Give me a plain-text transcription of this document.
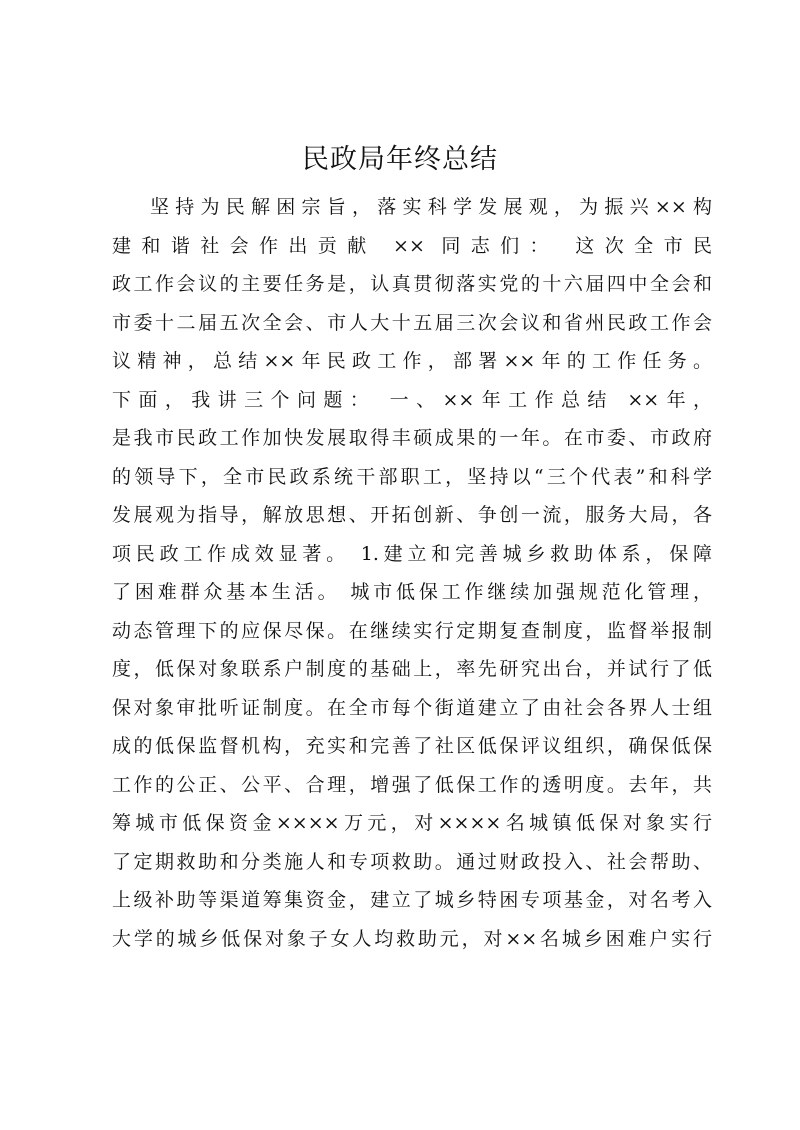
民政局年终总结
坚持为民解困宗旨，落实科学发展观，为振兴××构
建和谐社会作出贡献 ×× 同志们： 这次全市民
政工作会议的主要任务是，认真贯彻落实党的十六届四中全会和
市委十二届五次全会、市人大十五届三次会议和省州民政工作会
议精神，总结××年民政工作，部署××年的工作任务。
下面，我讲三个问题： 一、××年工作总结 ××年，
是我市民政工作加快发展取得丰硕成果的一年。在市委、市政府
的领导下，全市民政系统干部职工，坚持以“三个代表”和科学
发展观为指导，解放思想、开拓创新、争创一流，服务大局，各
项民政工作成效显著。 1.建立和完善城乡救助体系，保障
了困难群众基本生活。 城市低保工作继续加强规范化管理，
动态管理下的应保尽保。在继续实行定期复查制度，监督举报制
度，低保对象联系户制度的基础上，率先研究出台，并试行了低
保对象审批听证制度。在全市每个街道建立了由社会各界人士组
成的低保监督机构，充实和完善了社区低保评议组织，确保低保
工作的公正、公平、合理，增强了低保工作的透明度。去年，共
筹城市低保资金××××万元，对××××名城镇低保对象实行
了定期救助和分类施人和专项救助。通过财政投入、社会帮助、
上级补助等渠道筹集资金，建立了城乡特困专项基金，对名考入
大学的城乡低保对象子女人均救助元，对××名城乡困难户实行
